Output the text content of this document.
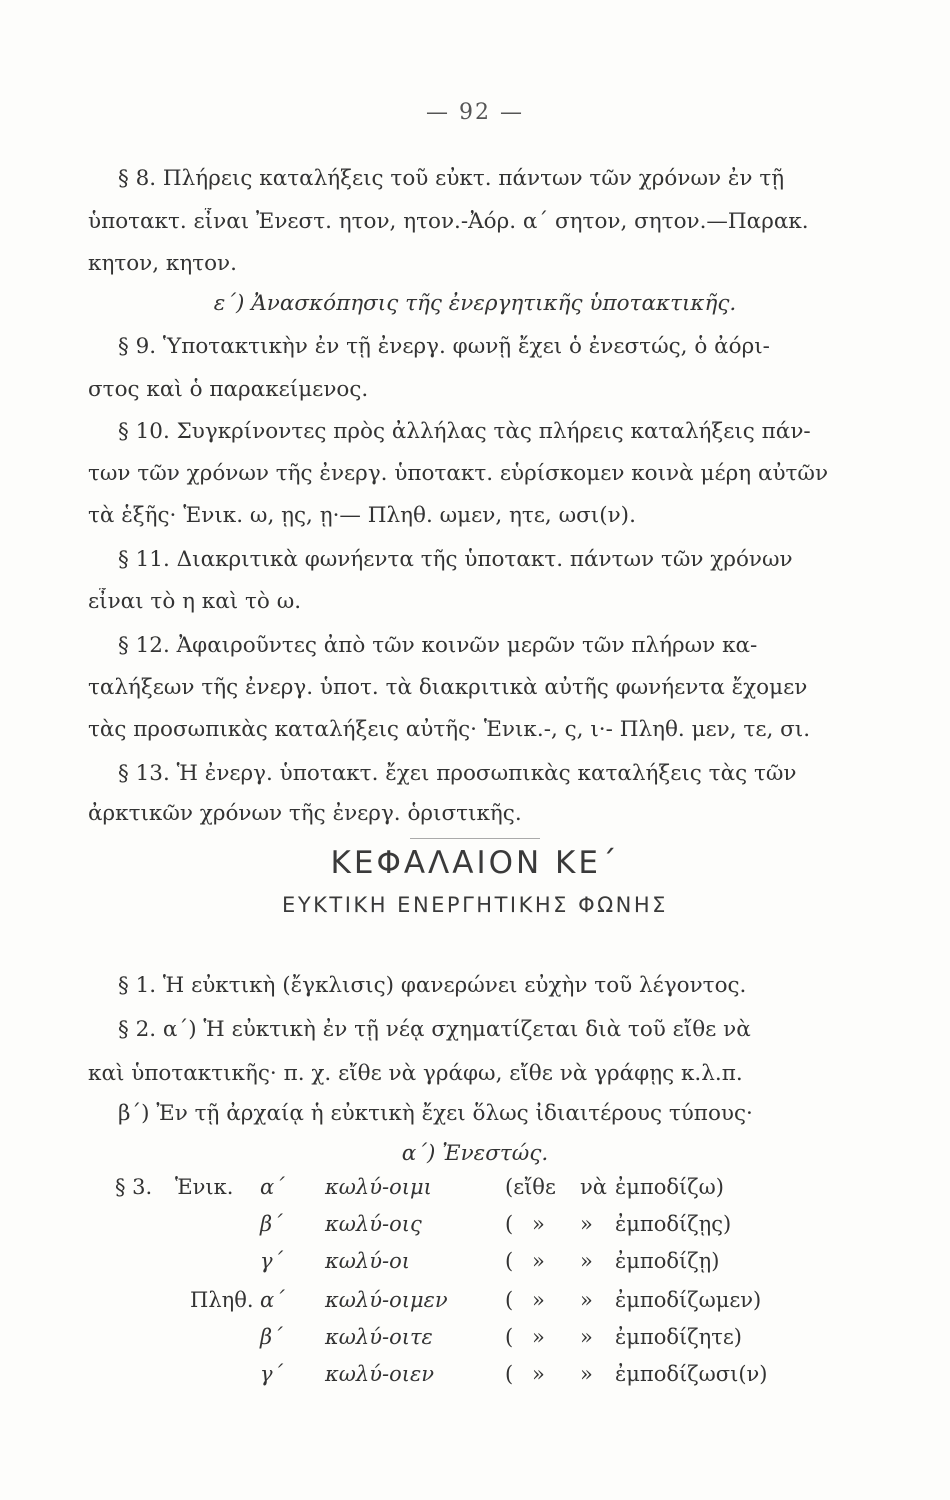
— 92 —
§ 8. Πλήρεις καταλήξεις τοῦ εὐκτ. πάντων τῶν χρόνων ἐν τῇ
ὑποτακτ. εἶναι Ἐνεστ. ητον, ητον.-Ἀόρ. α΄ σητον, σητον.—Παρακ.
κητον, κητον.
ε΄) Ἀνασκόπησις τῆς ἐνεργητικῆς ὑποτακτικῆς.
§ 9. Ὑποτακτικὴν ἐν τῇ ἐνεργ. φωνῇ ἔχει ὁ ἐνεστώς, ὁ ἀόρι-
στος καὶ ὁ παρακείμενος.
§ 10. Συγκρίνοντες πρὸς ἀλλήλας τὰς πλήρεις καταλήξεις πάν-
των τῶν χρόνων τῆς ἐνεργ. ὑποτακτ. εὑρίσκομεν κοινὰ μέρη αὐτῶν
τὰ ἑξῆς· Ἑνικ. ω, ῃς, ῃ·— Πληθ. ωμεν, ητε, ωσι(ν).
§ 11. Διακριτικὰ φωνήεντα τῆς ὑποτακτ. πάντων τῶν χρόνων
εἶναι τὸ η καὶ τὸ ω.
§ 12. Ἀφαιροῦντες ἀπὸ τῶν κοινῶν μερῶν τῶν πλήρων κα-
ταλήξεων τῆς ἐνεργ. ὑποτ. τὰ διακριτικὰ αὐτῆς φωνήεντα ἔχομεν
τὰς προσωπικὰς καταλήξεις αὐτῆς· Ἑνικ.-, ς, ι·- Πληθ. μεν, τε, σι.
§ 13. Ἡ ἐνεργ. ὑποτακτ. ἔχει προσωπικὰς καταλήξεις τὰς τῶν
ἀρκτικῶν χρόνων τῆς ἐνεργ. ὁριστικῆς.
ΚΕΦΑΛΑΙΟΝ ΚΕ΄
ΕΥΚΤΙΚΗ ΕΝΕΡΓΗΤΙΚΗΣ ΦΩΝΗΣ
§ 1. Ἡ εὐκτικὴ (ἔγκλισις) φανερώνει εὐχὴν τοῦ λέγοντος.
§ 2. α΄) Ἡ εὐκτικὴ ἐν τῇ νέᾳ σχηματίζεται διὰ τοῦ εἴθε νὰ
καὶ ὑποτακτικῆς· π. χ. εἴθε νὰ γράφω, εἴθε νὰ γράφῃς κ.λ.π.
β΄) Ἐν τῇ ἀρχαίᾳ ἡ εὐκτικὴ ἔχει ὅλως ἰδιαιτέρους τύπους·
α΄) Ἐνεστώς.
§ 3. Ἑνικ. α΄ κωλύ-οιμι	(εἴθε νὰ ἐμποδίζω)
β΄ κωλύ-οις	( » » ἐμποδίζῃς)
γ΄ κωλύ-οι	( » » ἐμποδίζῃ)
Πληθ. α΄ κωλύ-οιμεν	( » » ἐμποδίζωμεν)
β΄ κωλύ-οιτε	( » » ἐμποδίζητε)
γ΄ κωλύ-οιεν	( » » ἐμποδίζωσι(ν)
